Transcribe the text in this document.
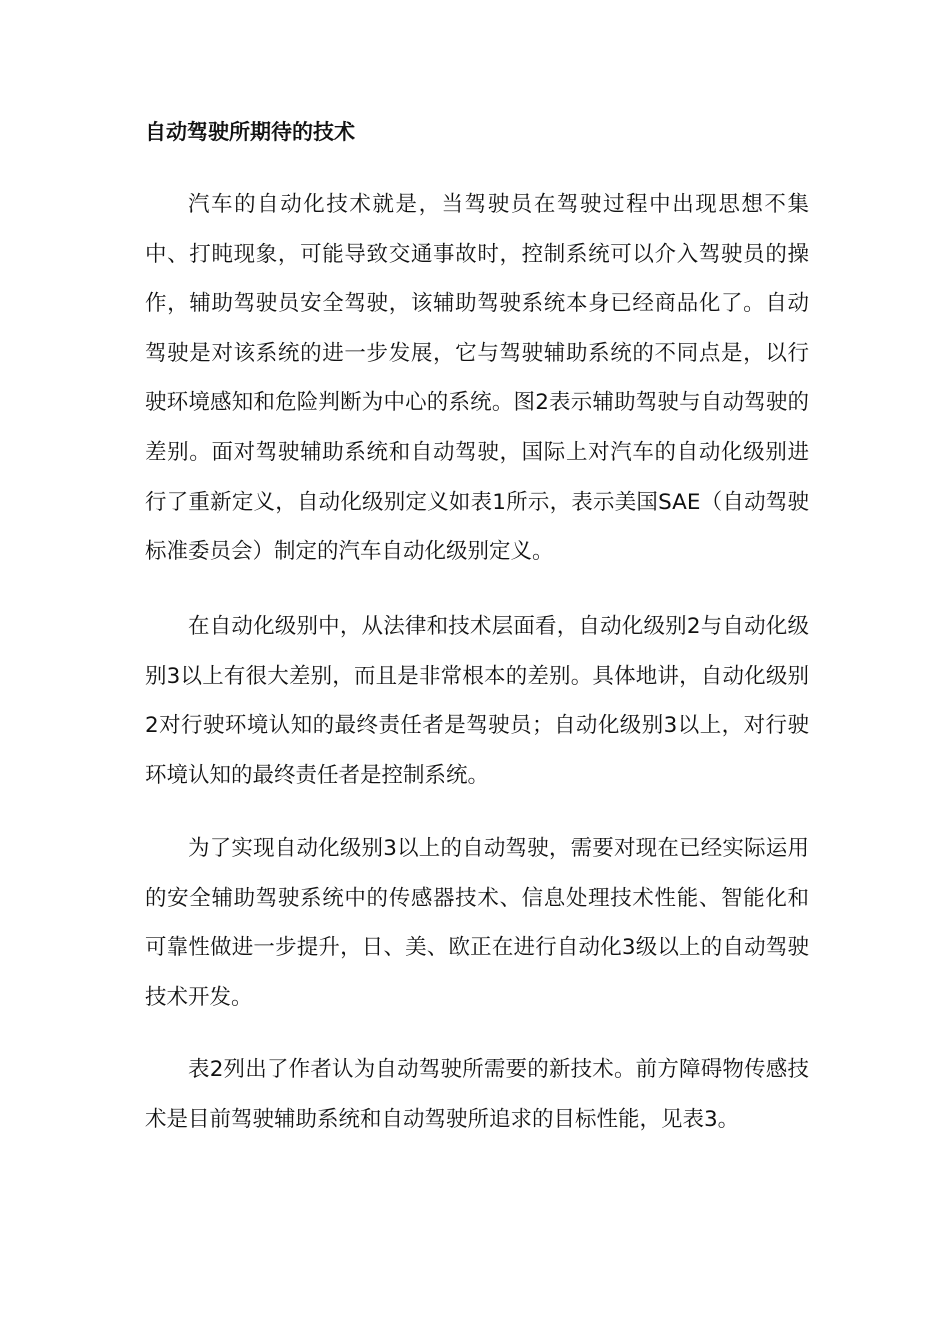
自动驾驶所期待的技术

汽车的自动化技术就是，当驾驶员在驾驶过程中出现思想不集中、打盹现象，可能导致交通事故时，控制系统可以介入驾驶员的操作，辅助驾驶员安全驾驶，该辅助驾驶系统本身已经商品化了。自动驾驶是对该系统的进一步发展，它与驾驶辅助系统的不同点是，以行驶环境感知和危险判断为中心的系统。图2表示辅助驾驶与自动驾驶的差别。面对驾驶辅助系统和自动驾驶，国际上对汽车的自动化级别进行了重新定义，自动化级别定义如表1所示，表示美国SAE（自动驾驶标准委员会）制定的汽车自动化级别定义。

在自动化级别中，从法律和技术层面看，自动化级别2与自动化级别3以上有很大差别，而且是非常根本的差别。具体地讲，自动化级别2对行驶环境认知的最终责任者是驾驶员；自动化级别3以上，对行驶环境认知的最终责任者是控制系统。

为了实现自动化级别3以上的自动驾驶，需要对现在已经实际运用的安全辅助驾驶系统中的传感器技术、信息处理技术性能、智能化和可靠性做进一步提升，日、美、欧正在进行自动化3级以上的自动驾驶技术开发。

表2列出了作者认为自动驾驶所需要的新技术。前方障碍物传感技术是目前驾驶辅助系统和自动驾驶所追求的目标性能，见表3。
